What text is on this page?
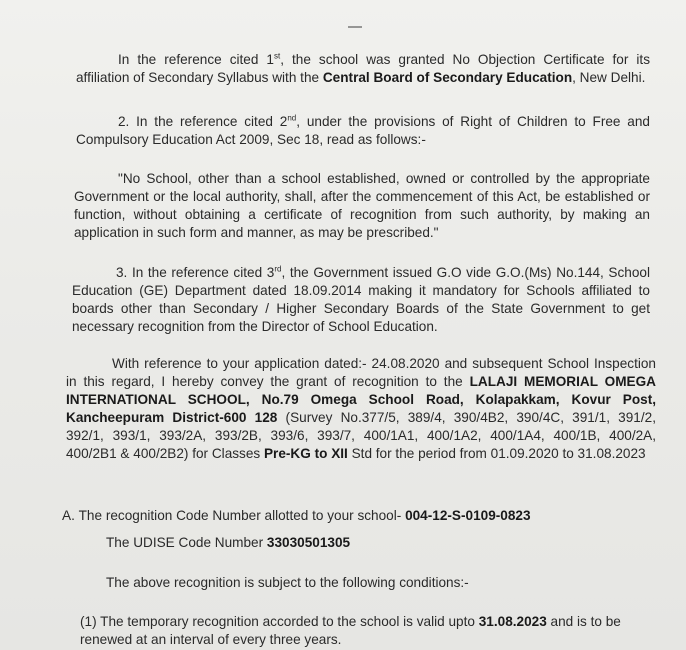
In the reference cited 1st, the school was granted No Objection Certificate for its affiliation of Secondary Syllabus with the Central Board of Secondary Education, New Delhi.

2. In the reference cited 2nd, under the provisions of Right of Children to Free and Compulsory Education Act 2009, Sec 18, read as follows:-

"No School, other than a school established, owned or controlled by the appropriate Government or the local authority, shall, after the commencement of this Act, be established or function, without obtaining a certificate of recognition from such authority, by making an application in such form and manner, as may be prescribed."

3. In the reference cited 3rd, the Government issued G.O vide G.O.(Ms) No.144, School Education (GE) Department dated 18.09.2014 making it mandatory for Schools affiliated to boards other than Secondary / Higher Secondary Boards of the State Government to get necessary recognition from the Director of School Education.

With reference to your application dated:- 24.08.2020 and subsequent School Inspection in this regard, I hereby convey the grant of recognition to the LALAJI MEMORIAL OMEGA INTERNATIONAL SCHOOL, No.79 Omega School Road, Kolapakkam, Kovur Post, Kancheepuram District-600 128 (Survey No.377/5, 389/4, 390/4B2, 390/4C, 391/1, 391/2, 392/1, 393/1, 393/2A, 393/2B, 393/6, 393/7, 400/1A1, 400/1A2, 400/1A4, 400/1B, 400/2A, 400/2B1 & 400/2B2) for Classes Pre-KG to XII Std for the period from 01.09.2020 to 31.08.2023

A. The recognition Code Number allotted to your school- 004-12-S-0109-0823
The UDISE Code Number 33030501305
The above recognition is subject to the following conditions:-
(1) The temporary recognition accorded to the school is valid upto 31.08.2023 and is to be renewed at an interval of every three years.
